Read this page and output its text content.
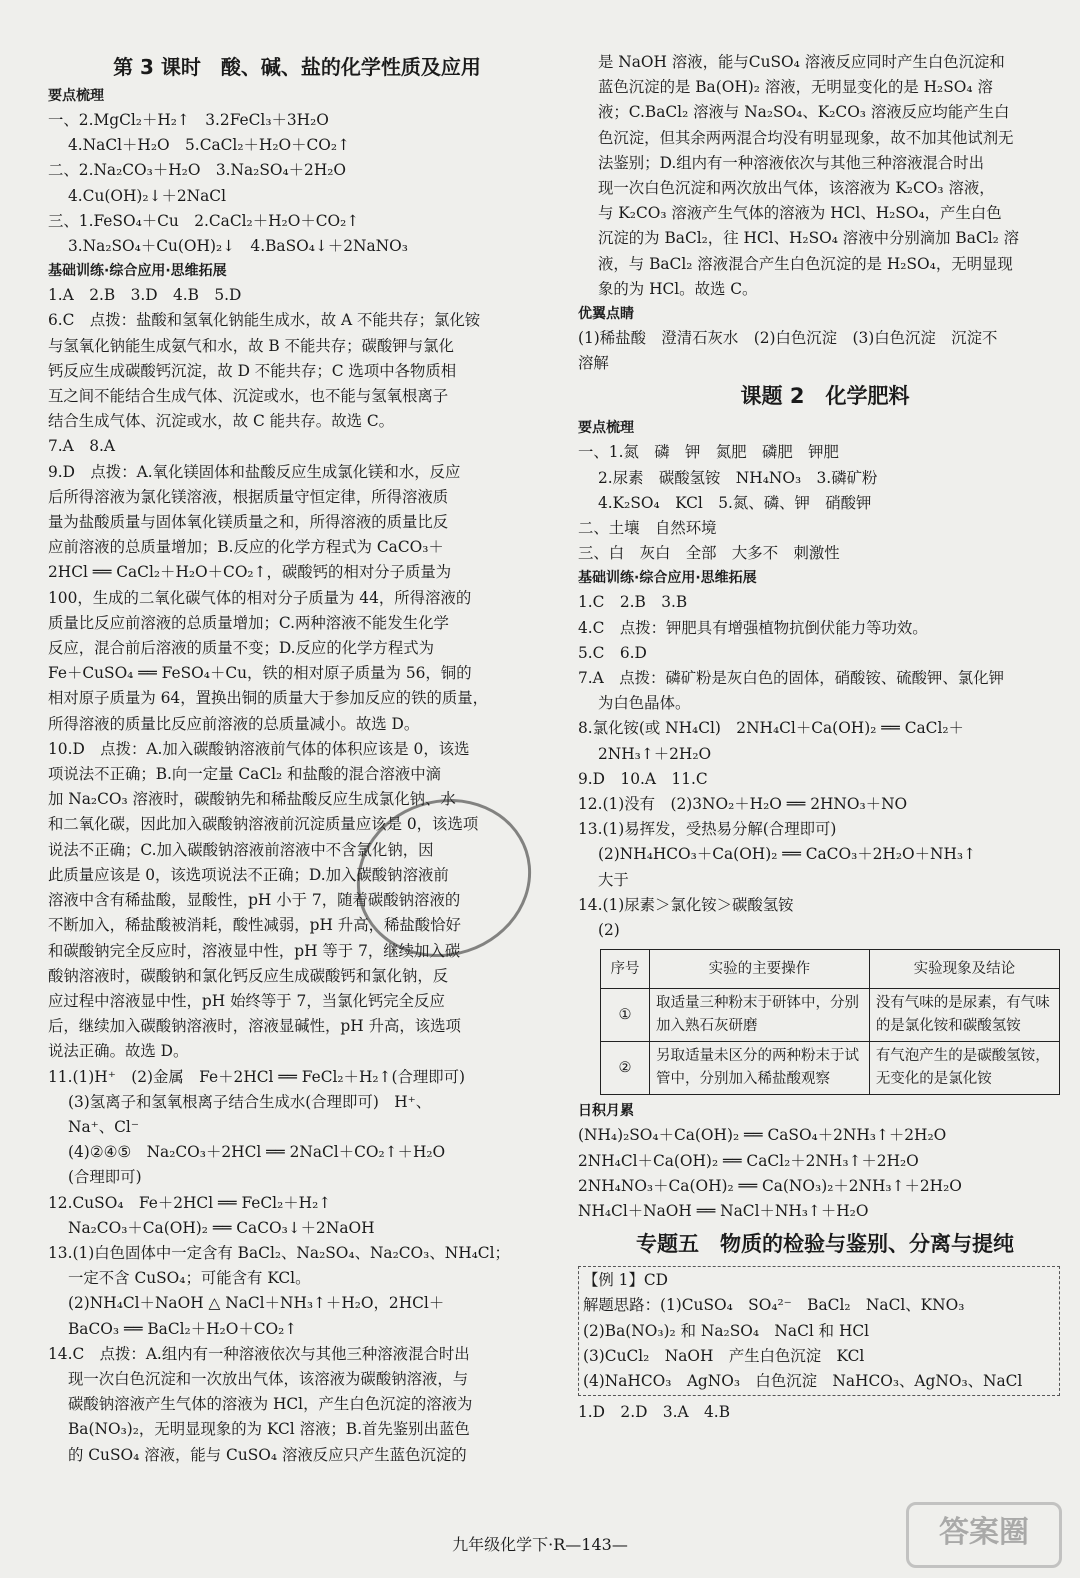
第 3 课时　酸、碱、盐的化学性质及应用
要点梳理
一、2.MgCl₂＋H₂↑　3.2FeCl₃＋3H₂O
4.NaCl＋H₂O　5.CaCl₂＋H₂O＋CO₂↑
二、2.Na₂CO₃＋H₂O　3.Na₂SO₄＋2H₂O
4.Cu(OH)₂↓＋2NaCl
三、1.FeSO₄＋Cu　2.CaCl₂＋H₂O＋CO₂↑
3.Na₂SO₄＋Cu(OH)₂↓　4.BaSO₄↓＋2NaNO₃
基础训练·综合应用·思维拓展
1.A　2.B　3.D　4.B　5.D
6.C　点拨：盐酸和氢氧化钠能生成水，故 A 不能共存；氯化铵
与氢氧化钠能生成氨气和水，故 B 不能共存；碳酸钾与氯化
钙反应生成碳酸钙沉淀，故 D 不能共存；C 选项中各物质相
互之间不能结合生成气体、沉淀或水，也不能与氢氧根离子
结合生成气体、沉淀或水，故 C 能共存。故选 C。
7.A　8.A
9.D　点拨：A.氧化镁固体和盐酸反应生成氯化镁和水，反应
后所得溶液为氯化镁溶液，根据质量守恒定律，所得溶液质
量为盐酸质量与固体氧化镁质量之和，所得溶液的质量比反
应前溶液的总质量增加；B.反应的化学方程式为 CaCO₃＋
2HCl ══ CaCl₂＋H₂O＋CO₂↑，碳酸钙的相对分子质量为
100，生成的二氧化碳气体的相对分子质量为 44，所得溶液的
质量比反应前溶液的总质量增加；C.两种溶液不能发生化学
反应，混合前后溶液的质量不变；D.反应的化学方程式为
Fe＋CuSO₄ ══ FeSO₄＋Cu，铁的相对原子质量为 56，铜的
相对原子质量为 64，置换出铜的质量大于参加反应的铁的质量，
所得溶液的质量比反应前溶液的总质量减小。故选 D。
10.D　点拨：A.加入碳酸钠溶液前气体的体积应该是 0，该选
项说法不正确；B.向一定量 CaCl₂ 和盐酸的混合溶液中滴
加 Na₂CO₃ 溶液时，碳酸钠先和稀盐酸反应生成氯化钠、水
和二氧化碳，因此加入碳酸钠溶液前沉淀质量应该是 0，该选项
说法不正确；C.加入碳酸钠溶液前溶液中不含氯化钠，因
此质量应该是 0，该选项说法不正确；D.加入碳酸钠溶液前
溶液中含有稀盐酸，显酸性，pH 小于 7，随着碳酸钠溶液的
不断加入，稀盐酸被消耗，酸性减弱，pH 升高，稀盐酸恰好
和碳酸钠完全反应时，溶液显中性，pH 等于 7，继续加入碳
酸钠溶液时，碳酸钠和氯化钙反应生成碳酸钙和氯化钠，反
应过程中溶液显中性，pH 始终等于 7，当氯化钙完全反应
后，继续加入碳酸钠溶液时，溶液显碱性，pH 升高，该选项
说法正确。故选 D。
11.(1)H⁺　(2)金属　Fe＋2HCl ══ FeCl₂＋H₂↑(合理即可)
(3)氢离子和氢氧根离子结合生成水(合理即可)　H⁺、
Na⁺、Cl⁻
(4)②④⑤　Na₂CO₃＋2HCl ══ 2NaCl＋CO₂↑＋H₂O
(合理即可)
12.CuSO₄　Fe＋2HCl ══ FeCl₂＋H₂↑
Na₂CO₃＋Ca(OH)₂ ══ CaCO₃↓＋2NaOH
13.(1)白色固体中一定含有 BaCl₂、Na₂SO₄、Na₂CO₃、NH₄Cl；
一定不含 CuSO₄；可能含有 KCl。
(2)NH₄Cl＋NaOH △ NaCl＋NH₃↑＋H₂O，2HCl＋
BaCO₃ ══ BaCl₂＋H₂O＋CO₂↑
14.C　点拨：A.组内有一种溶液依次与其他三种溶液混合时出
现一次白色沉淀和一次放出气体，该溶液为碳酸钠溶液，与
碳酸钠溶液产生气体的溶液为 HCl，产生白色沉淀的溶液为
Ba(NO₃)₂，无明显现象的为 KCl 溶液；B.首先鉴别出蓝色
的 CuSO₄ 溶液，能与 CuSO₄ 溶液反应只产生蓝色沉淀的
是 NaOH 溶液，能与CuSO₄ 溶液反应同时产生白色沉淀和
蓝色沉淀的是 Ba(OH)₂ 溶液，无明显变化的是 H₂SO₄ 溶
液；C.BaCl₂ 溶液与 Na₂SO₄、K₂CO₃ 溶液反应均能产生白
色沉淀，但其余两两混合均没有明显现象，故不加其他试剂无
法鉴别；D.组内有一种溶液依次与其他三种溶液混合时出
现一次白色沉淀和两次放出气体，该溶液为 K₂CO₃ 溶液，
与 K₂CO₃ 溶液产生气体的溶液为 HCl、H₂SO₄，产生白色
沉淀的为 BaCl₂，往 HCl、H₂SO₄ 溶液中分别滴加 BaCl₂ 溶
液，与 BaCl₂ 溶液混合产生白色沉淀的是 H₂SO₄，无明显现
象的为 HCl。故选 C。
优翼点睛
(1)稀盐酸　澄清石灰水　(2)白色沉淀　(3)白色沉淀　沉淀不
溶解
课题 2　化学肥料
要点梳理
一、1.氮　磷　钾　氮肥　磷肥　钾肥
2.尿素　碳酸氢铵　NH₄NO₃　3.磷矿粉
4.K₂SO₄　KCl　5.氮、磷、钾　硝酸钾
二、土壤　自然环境
三、白　灰白　全部　大多不　刺激性
基础训练·综合应用·思维拓展
1.C　2.B　3.B
4.C　点拨：钾肥具有增强植物抗倒伏能力等功效。
5.C　6.D
7.A　点拨：磷矿粉是灰白色的固体，硝酸铵、硫酸钾、氯化钾
为白色晶体。
8.氯化铵(或 NH₄Cl)　2NH₄Cl＋Ca(OH)₂ ══ CaCl₂＋
2NH₃↑＋2H₂O
9.D　10.A　11.C
12.(1)没有　(2)3NO₂＋H₂O ══ 2HNO₃＋NO
13.(1)易挥发，受热易分解(合理即可)
(2)NH₄HCO₃＋Ca(OH)₂ ══ CaCO₃＋2H₂O＋NH₃↑
大于
14.(1)尿素＞氯化铵＞碳酸氢铵
(2)
序号	实验的主要操作	实验现象及结论
①	取适量三种粉末于研钵中，分别加入熟石灰研磨	没有气味的是尿素，有气味的是氯化铵和碳酸氢铵
②	另取适量未区分的两种粉末于试管中，分别加入稀盐酸观察	有气泡产生的是碳酸氢铵，无变化的是氯化铵
日积月累
(NH₄)₂SO₄＋Ca(OH)₂ ══ CaSO₄＋2NH₃↑＋2H₂O
2NH₄Cl＋Ca(OH)₂ ══ CaCl₂＋2NH₃↑＋2H₂O
2NH₄NO₃＋Ca(OH)₂ ══ Ca(NO₃)₂＋2NH₃↑＋2H₂O
NH₄Cl＋NaOH ══ NaCl＋NH₃↑＋H₂O
专题五　物质的检验与鉴别、分离与提纯
【例 1】CD
解题思路：(1)CuSO₄　SO₄²⁻　BaCl₂　NaCl、KNO₃
(2)Ba(NO₃)₂ 和 Na₂SO₄　NaCl 和 HCl
(3)CuCl₂　NaOH　产生白色沉淀　KCl
(4)NaHCO₃　AgNO₃　白色沉淀　NaHCO₃、AgNO₃、NaCl
1.D　2.D　3.A　4.B
九年级化学下·R—143—	答案圈
